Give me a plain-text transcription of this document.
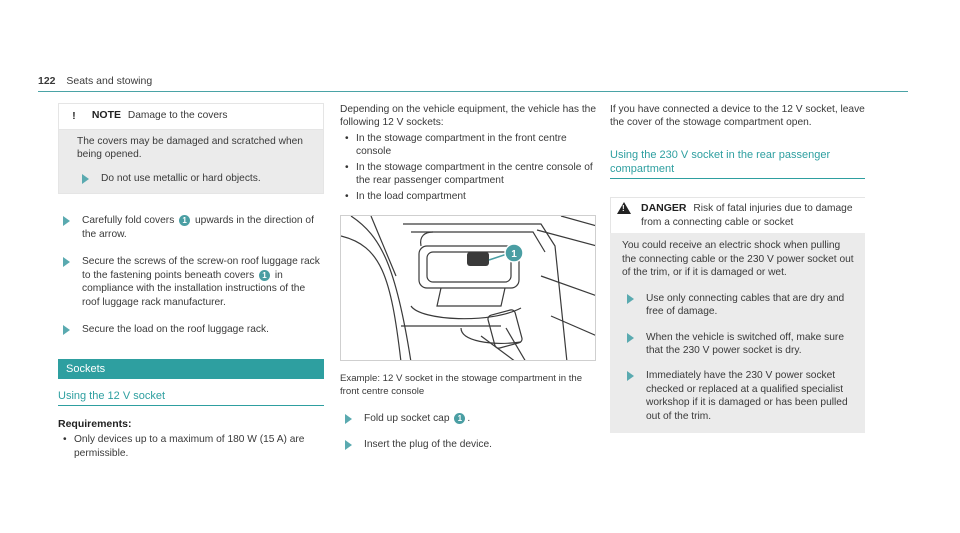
122 Seats and stowing
! NOTE Damage to the covers
The covers may be damaged and scratched when being opened.
Do not use metallic or hard objects.
Carefully fold covers 1 upwards in the direction of the arrow.
Secure the screws of the screw-on roof luggage rack to the fastening points beneath covers 1 in compliance with the installation instructions of the roof luggage rack manufacturer.
Secure the load on the roof luggage rack.
Sockets
Using the 12 V socket
Requirements:
• Only devices up to a maximum of 180 W (15 A) are permissible.
Depending on the vehicle equipment, the vehicle has the following 12 V sockets:
• In the stowage compartment in the front centre console
• In the stowage compartment in the centre console of the rear passenger compartment
• In the load compartment
1
Example: 12 V socket in the stowage compartment in the front centre console
Fold up socket cap 1 .
Insert the plug of the device.
If you have connected a device to the 12 V socket, leave the cover of the stowage compartment open.
Using the 230 V socket in the rear passenger compartment
! DANGER Risk of fatal injuries due to damage from a connecting cable or socket
You could receive an electric shock when pulling the connecting cable or the 230 V power socket out of the trim, or if it is damaged or wet.
Use only connecting cables that are dry and free of damage.
When the vehicle is switched off, make sure that the 230 V power socket is dry.
Immediately have the 230 V power socket checked or replaced at a qualified specialist workshop if it is damaged or has been pulled out of the trim.
